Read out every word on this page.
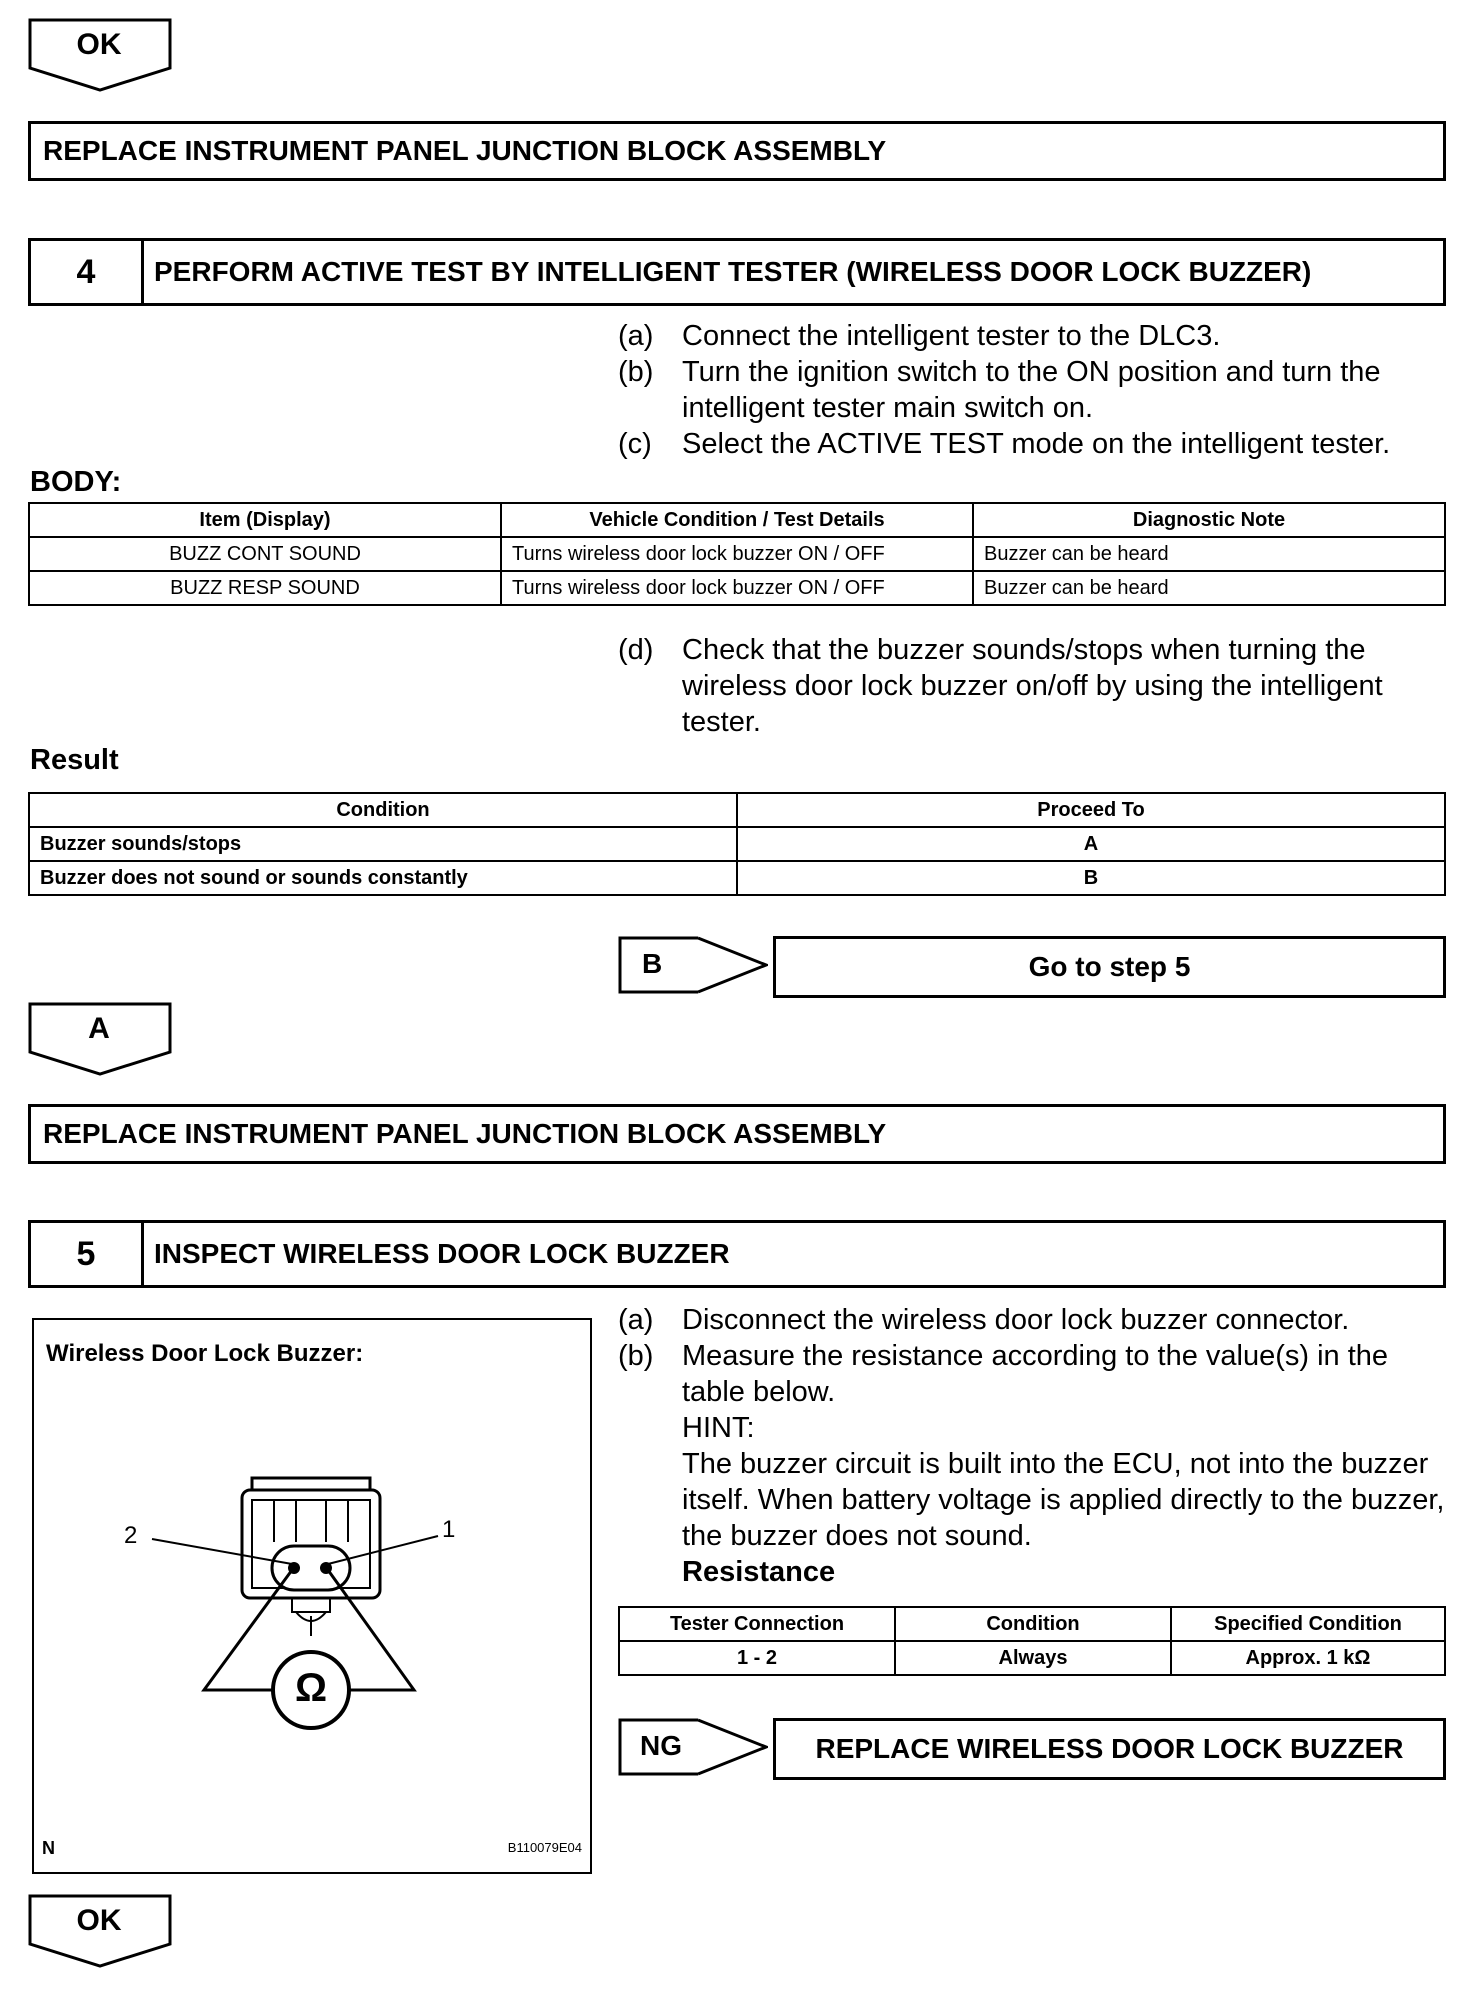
OK
REPLACE INSTRUMENT PANEL JUNCTION BLOCK ASSEMBLY
4	PERFORM ACTIVE TEST BY INTELLIGENT TESTER (WIRELESS DOOR LOCK BUZZER)
(a) Connect the intelligent tester to the DLC3.
(b) Turn the ignition switch to the ON position and turn the intelligent tester main switch on.
(c)	Select the ACTIVE TEST mode on the intelligent tester.
BODY:
Item (Display)	Vehicle Condition / Test Details	Diagnostic Note
BUZZ CONT SOUND	Turns wireless door lock buzzer ON / OFF	Buzzer can be heard
BUZZ RESP SOUND	Turns wireless door lock buzzer ON / OFF	Buzzer can be heard
(d) Check that the buzzer sounds/stops when turning the wireless door lock buzzer on/off by using the intelligent tester.
Result
Condition	Proceed To
Buzzer sounds/stops	A
Buzzer does not sound or sounds constantly	B
B	Go to step 5
A
REPLACE INSTRUMENT PANEL JUNCTION BLOCK ASSEMBLY
5	INSPECT WIRELESS DOOR LOCK BUZZER
Wireless Door Lock Buzzer:
2	1
Ω
N	B110079E04
(a) Disconnect the wireless door lock buzzer connector.
(b) Measure the resistance according to the value(s) in the table below.
HINT:
The buzzer circuit is built into the ECU, not into the buzzer itself. When battery voltage is applied directly to the buzzer, the buzzer does not sound.
Resistance
Tester Connection	Condition	Specified Condition
1 - 2	Always	Approx. 1 kΩ
NG	REPLACE WIRELESS DOOR LOCK BUZZER
OK
